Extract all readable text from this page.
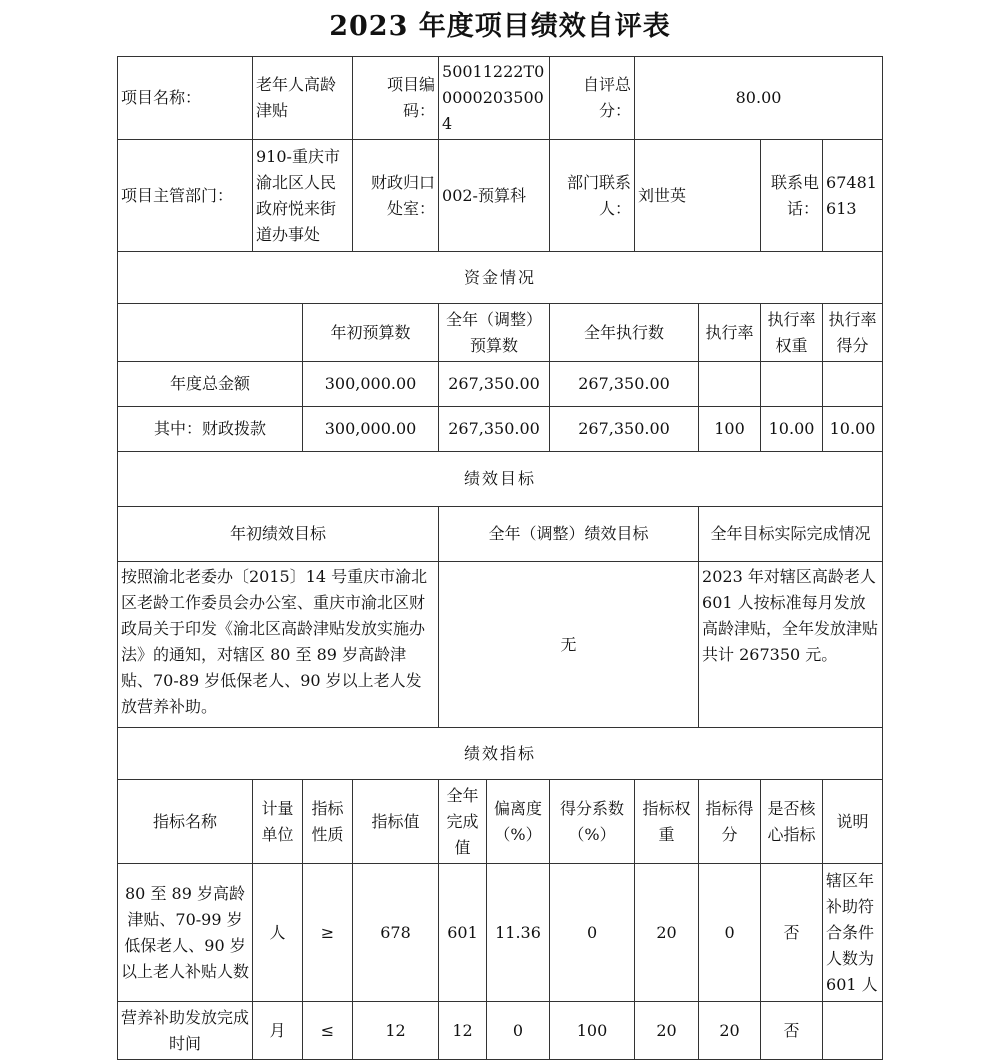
2023 年度项目绩效自评表
项目名称：	老年人高龄津贴		项目编码：	50011222T000002035004		自评总分：	80.00			
项目主管部门：	910-重庆市渝北区人民政府悦来街道办事处		财政归口处室：	002-预算科		部门联系人：	刘世英		联系电话：	67481613
资金情况										
		年初预算数		全年（调整）预算数		全年执行数		执行率	执行率权重	执行率得分
年度总金额		300,000.00		267,350.00		267,350.00				
其中：财政拨款		300,000.00		267,350.00		267,350.00		100	10.00	10.00
绩效目标										
年初绩效目标				全年（调整）绩效目标				全年目标实际完成情况		
按照渝北老委办〔2015〕14 号重庆市渝北区老龄工作委员会办公室、重庆市渝北区财政局关于印发《渝北区高龄津贴发放实施办法》的通知，对辖区 80 至 89 岁高龄津贴、70-89 岁低保老人、90 岁以上老人发放营养补助。				无				2023 年对辖区高龄老人 601 人按标准每月发放高龄津贴，全年发放津贴共计 267350 元。		
绩效指标										
指标名称	计量单位	指标性质	指标值	全年完成值	偏离度（%）	得分系数（%）	指标权重	指标得分	是否核心指标	说明
80 至 89 岁高龄津贴、70-99 岁低保老人、90 岁以上老人补贴人数	人	≥	678	601	11.36	0	20	0	否	辖区年补助符合条件人数为 601 人
营养补助发放完成时间	月	≤	12	12	0	100	20	20	否	
